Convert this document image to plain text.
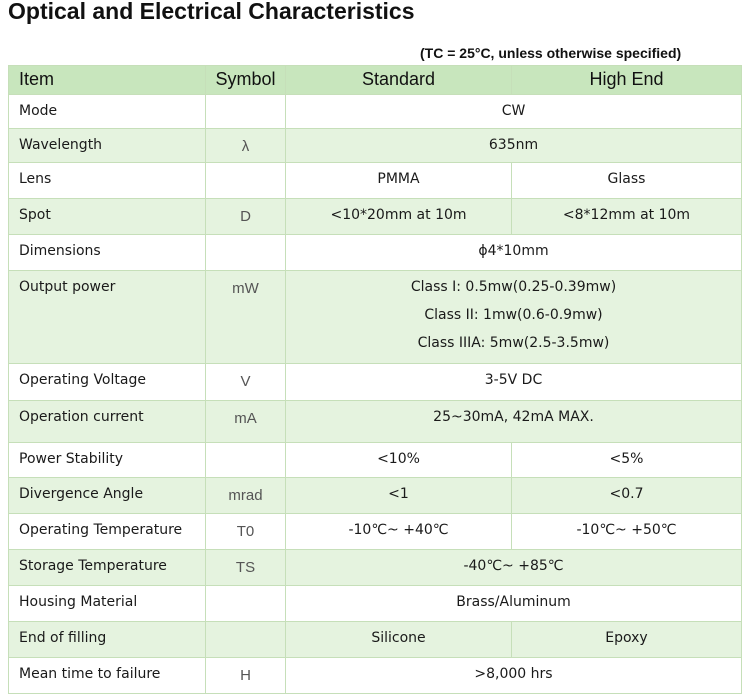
Optical and Electrical Characteristics
(TC = 25°C, unless otherwise specified)
Item	Symbol	Standard	High End
Mode		CW	
Wavelength	λ	635nm	
Lens		PMMA	Glass
Spot	D	<10*20mm at 10m	<8*12mm at 10m
Dimensions		ϕ4*10mm	
Output power	mW	Class I: 0.5mw(0.25-0.39mw)
Class II: 1mw(0.6-0.9mw)
Class IIIA: 5mw(2.5-3.5mw)	

Operating Voltage	V	3-5V DC	
Operation current	mA	25~30mA, 42mA MAX.	
Power Stability		<10%	<5%
Divergence Angle	mrad	<1	<0.7
Operating Temperature	T0	-10℃~ +40℃	-10℃~ +50℃
Storage Temperature	TS	-40℃~ +85℃	
Housing Material		Brass/Aluminum	
End of filling		Silicone	Epoxy
Mean time to failure	H	>8,000 hrs	
